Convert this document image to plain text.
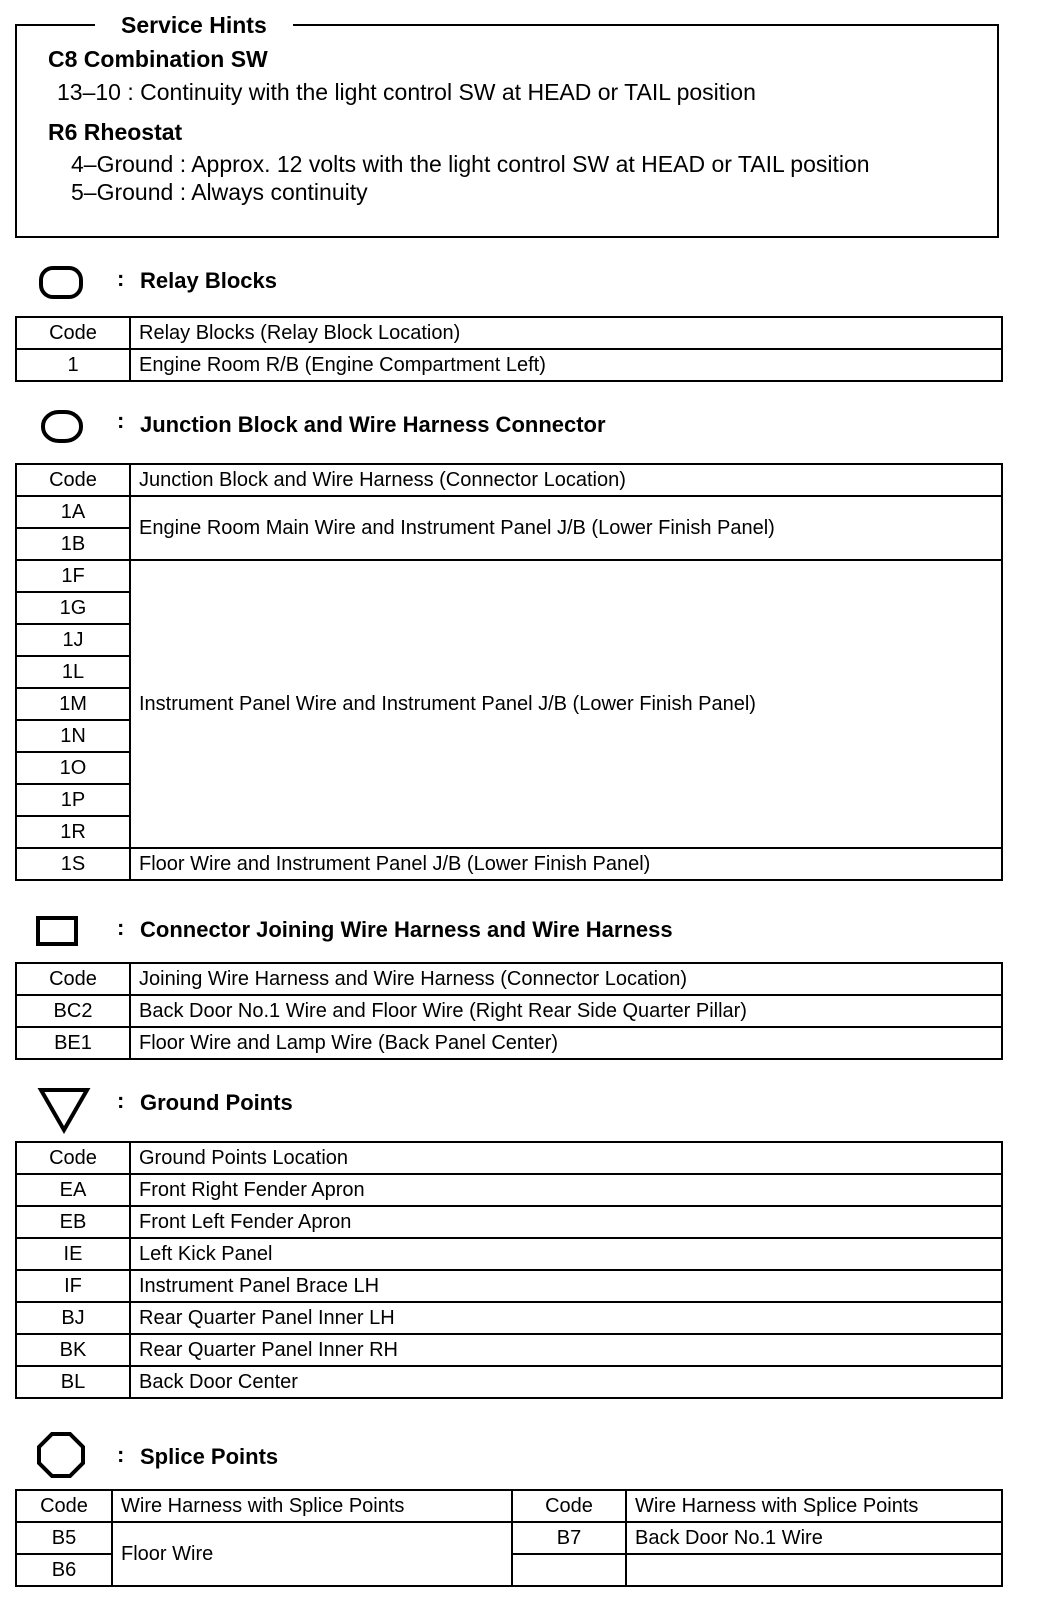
Service Hints
C8 Combination SW
13–10 : Continuity with the light control SW at HEAD or TAIL position
R6 Rheostat
4–Ground : Approx. 12 volts with the light control SW at HEAD or TAIL position
5–Ground : Always continuity
: Relay Blocks
Code	Relay Blocks (Relay Block Location)
1	Engine Room R/B (Engine Compartment Left)
: Junction Block and Wire Harness Connector
Code	Junction Block and Wire Harness (Connector Location)
1A	Engine Room Main Wire and Instrument Panel J/B (Lower Finish Panel)
1B	
1F	Instrument Panel Wire and Instrument Panel J/B (Lower Finish Panel)
1G	
1J	
1L	
1M	
1N	
1O	
1P	
1R	
1S	Floor Wire and Instrument Panel J/B (Lower Finish Panel)
: Connector Joining Wire Harness and Wire Harness
Code	Joining Wire Harness and Wire Harness (Connector Location)
BC2	Back Door No.1 Wire and Floor Wire (Right Rear Side Quarter Pillar)
BE1	Floor Wire and Lamp Wire (Back Panel Center)
: Ground Points
Code	Ground Points Location
EA	Front Right Fender Apron
EB	Front Left Fender Apron
IE	Left Kick Panel
IF	Instrument Panel Brace LH
BJ	Rear Quarter Panel Inner LH
BK	Rear Quarter Panel Inner RH
BL	Back Door Center
: Splice Points
Code	Wire Harness with Splice Points	Code	Wire Harness with Splice Points
B5	Floor Wire	B7	Back Door No.1 Wire
B6			
